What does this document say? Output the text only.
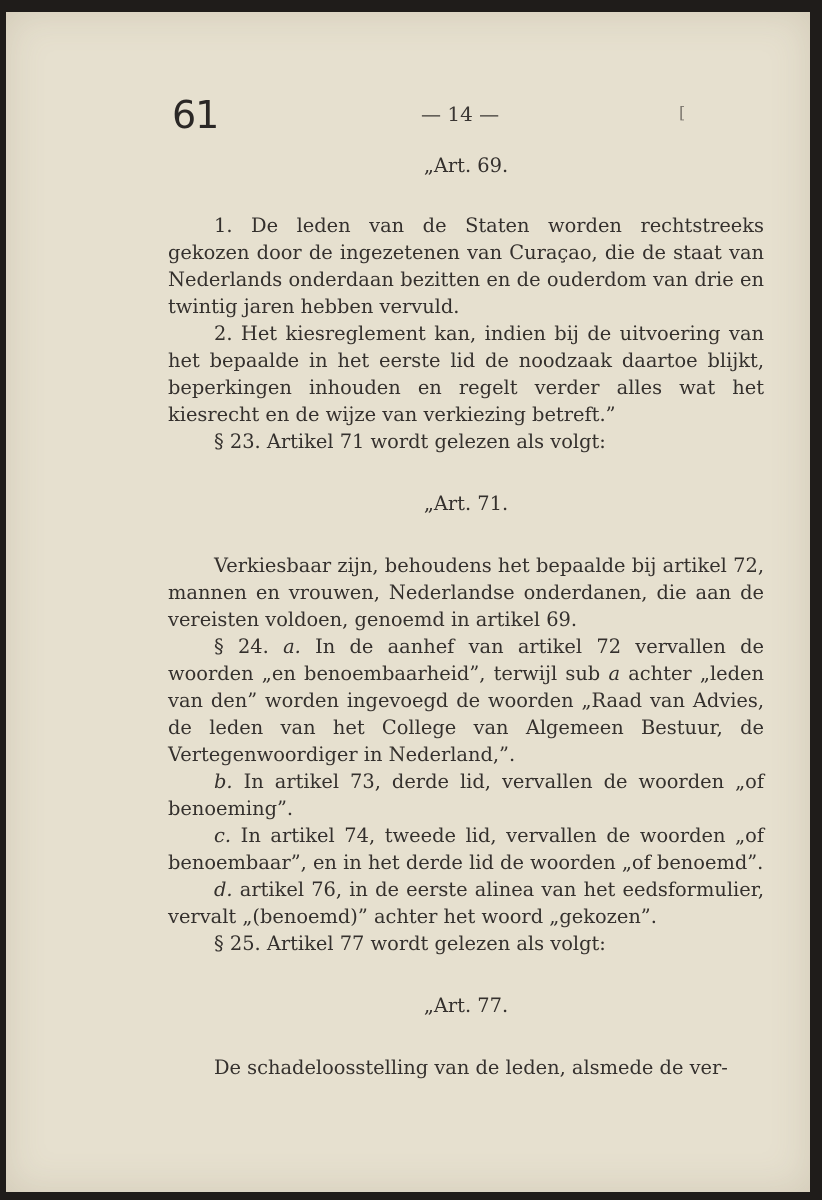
61	— 14 —	[

„Art. 69.

1. De leden van de Staten worden rechtstreeks gekozen door de ingezetenen van Curaçao, die de staat van Nederlands onderdaan bezitten en de ouderdom van drie en twintig jaren hebben vervuld.

2. Het kiesreglement kan, indien bij de uitvoering van het bepaalde in het eerste lid de noodzaak daartoe blijkt, beperkingen inhouden en regelt verder alles wat het kiesrecht en de wijze van verkiezing betreft.”

§ 23. Artikel 71 wordt gelezen als volgt:

„Art. 71.

Verkiesbaar zijn, behoudens het bepaalde bij artikel 72, mannen en vrouwen, Nederlandse onderdanen, die aan de vereisten voldoen, genoemd in artikel 69.

§ 24. a. In de aanhef van artikel 72 vervallen de woorden „en benoembaarheid”, terwijl sub a achter „leden van den” worden ingevoegd de woorden „Raad van Advies, de leden van het College van Algemeen Bestuur, de Vertegenwoordiger in Nederland,”.

b. In artikel 73, derde lid, vervallen de woorden „of benoeming”.

c. In artikel 74, tweede lid, vervallen de woorden „of benoembaar”, en in het derde lid de woorden „of benoemd”.

d. artikel 76, in de eerste alinea van het eedsformulier, vervalt „(benoemd)” achter het woord „gekozen”.

§ 25. Artikel 77 wordt gelezen als volgt:

„Art. 77.

De schadeloosstelling van de leden, alsmede de ver-
